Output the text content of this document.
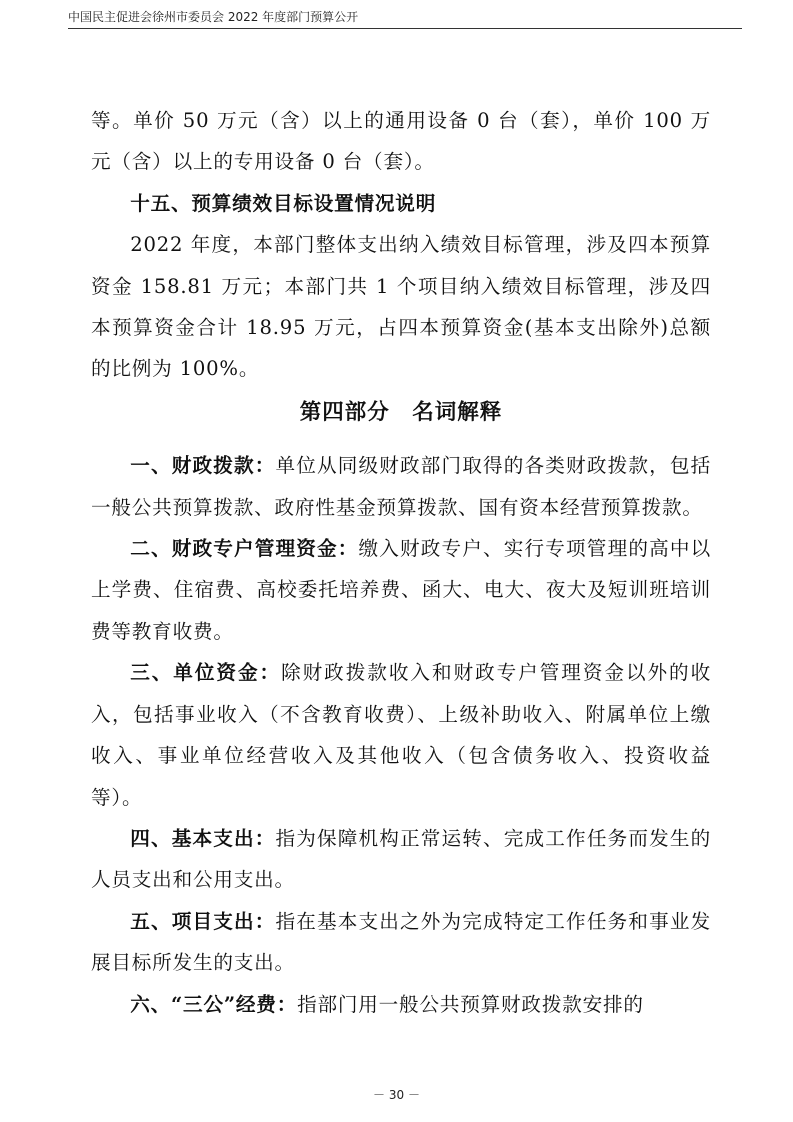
中国民主促进会徐州市委员会 2022 年度部门预算公开

等。单价 50 万元（含）以上的通用设备 0 台（套），单价 100 万元（含）以上的专用设备 0 台（套）。

十五、预算绩效目标设置情况说明

2022 年度，本部门整体支出纳入绩效目标管理，涉及四本预算资金 158.81 万元；本部门共 1 个项目纳入绩效目标管理，涉及四本预算资金合计 18.95 万元，占四本预算资金(基本支出除外)总额的比例为 100%。

第四部分　名词解释

一、财政拨款：单位从同级财政部门取得的各类财政拨款，包括一般公共预算拨款、政府性基金预算拨款、国有资本经营预算拨款。

二、财政专户管理资金：缴入财政专户、实行专项管理的高中以上学费、住宿费、高校委托培养费、函大、电大、夜大及短训班培训费等教育收费。

三、单位资金：除财政拨款收入和财政专户管理资金以外的收入，包括事业收入（不含教育收费）、上级补助收入、附属单位上缴收入、事业单位经营收入及其他收入（包含债务收入、投资收益等）。

四、基本支出：指为保障机构正常运转、完成工作任务而发生的人员支出和公用支出。

五、项目支出：指在基本支出之外为完成特定工作任务和事业发展目标所发生的支出。

六、“三公”经费：指部门用一般公共预算财政拨款安排的

－ 30 －
